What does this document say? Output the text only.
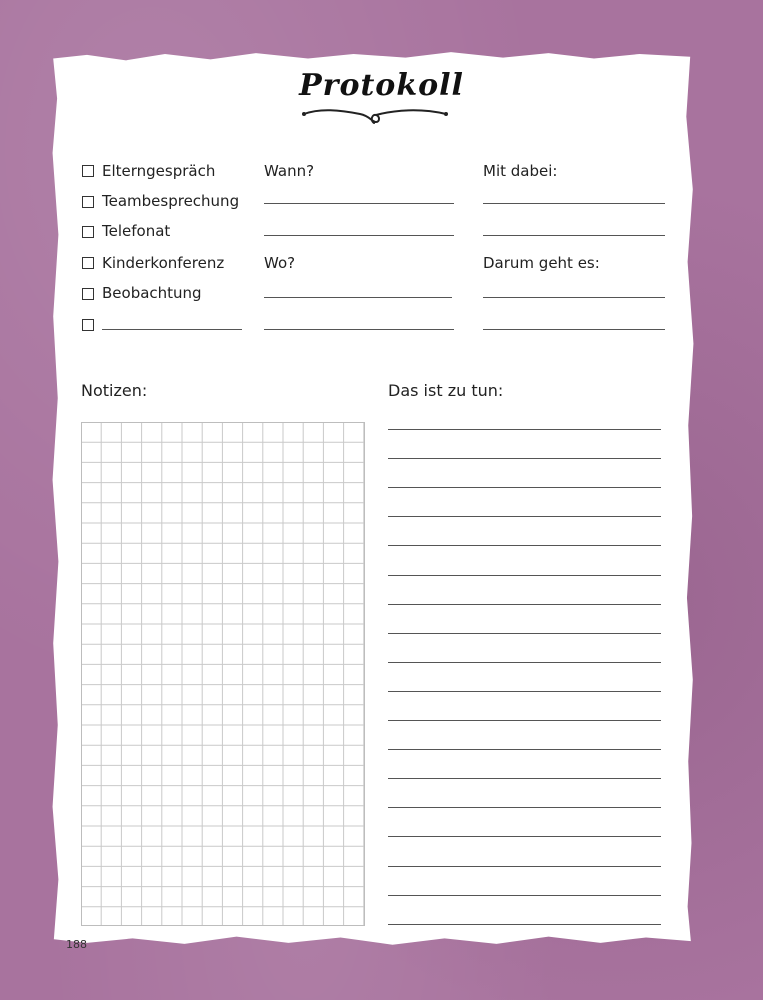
Protokoll
Elterngespräch
Teambesprechung
Telefonat
Kinderkonferenz
Beobachtung
Wann?
Wo?
Mit dabei:
Darum geht es:
Notizen:	Das ist zu tun:
188
